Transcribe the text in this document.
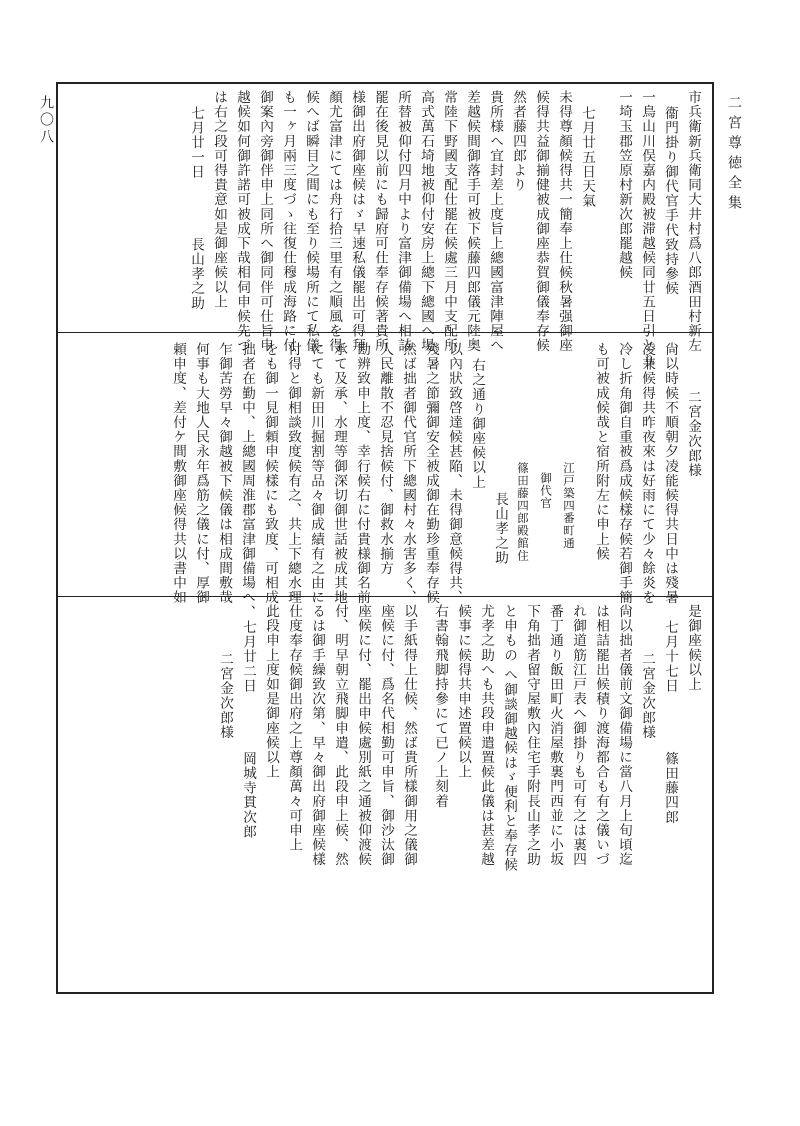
二宮尊徳全集
九〇八	市兵衛新兵衛同大井村爲八郎酒田村新左
衞門掛り御代官手代致持參候
一鳥山川俣嘉内殿被滞越候同廿五日引とり
一埼玉郡笠原村新次郎罷越候
七月廿五日天氣
未得尊顏候得共一簡奉上仕候秋暑强御座
候得共益御揃健被成御座恭賀御儀奉存候
然者藤四郎より
貴所様へ宜封差上度旨上總國富津陣屋へ
差越候間御落手可被下候藤四郎儀元陸奥
常陸下野國支配仕罷在候處三月中支配所
高式萬石埼地被仰付安房上總下總國へ場
所替被仰付四月中より富津御備場へ相詰
罷在後見以前にも歸府可仕奉存候著貴所
様御出府御座候はゞ早速私儀罷出可得拜
顏尤富津にては舟行拾三里有之順風を得
候へば瞬目之間にも至り候場所にて私儀
も一ヶ月兩三度づゝ往復仕穆成海路に付
御案內旁御伴申上同所へ御同伴可仕旨申
越候如何御許諾可被成下哉相伺申候先づ
は右之段可得貴意如是御座候以上
七月廿一日　　　　長山孝之助
二宮金次郎様
尙以時候不順朝夕凌能候得共日中は殘暑
凌兼候得共昨夜來は好雨にて少々餘炎を
冷し折角御自重被爲成候樣存候若御手簡
も可被成候哉と宿所附左に申上候
江戸築四番町通
御代官
篠田藤四郎殿館住
長山孝之助
右之通り御座候以上
以內狀致啓達候甚陥、未得御意候得共、
殘暑之節彌御安全被成御在勤珍重奉存候
然ば拙者御代官所下總國村々水害多く、
人民離散不忍見捨候付、御救水揃方
勘辨致申上度、幸行候右に付貴様御名前
承て及承、水理等御深切御世話被成其地
にても新田川掘割等品々御成績有之由に
付得と御相談致度候有之、共上下總水理
をも御一見御頼申候樣にも致度、可相成
拙者在勤中、上總國周淮郡富津御備場へ、
乍御苦勞早々御越被下候儀は相成間敷哉
何事も大地人民永年爲筋之儀に付、厚御
頼申度、差付ケ間敷御座候得共以書中如
是御座候以上
七月十七日　　　　篠田藤四郎
二宮金次郎様
尙以拙者儀前文御備場に當八月上旬頃迄
は相詰罷出候積り渡海都合も有之儀いづ
れ御道筋江戸表へ御掛りも可有之は裏四
番丁通り飯田町火消屋敷裏門西並に小坂
下角拙者留守屋敷內住宅手附長山孝之助
と申もの へ御談御越候はゞ便利と奉存候
尤孝之助へも共段申遣置候此儀は甚差越
候事に候得共申述置候以上
右書翰飛脚持參にて已ノ上刻着
以手紙得上仕候、然ば貴所樣御用之儀御
座候に付、爲名代相勤可申旨、御沙汰御
座候に付、罷出申候處別紙之通被仰渡候
付、明早朝立飛脚申遣、此段申上候、然
るは御手繰致次第、早々御出府御座候樣
仕度奉存候御出府之上尊顏萬々可申上
此段申上度如是御座候以上
七月廿二日　　　　岡城寺貫次郎
二宮金次郎様
